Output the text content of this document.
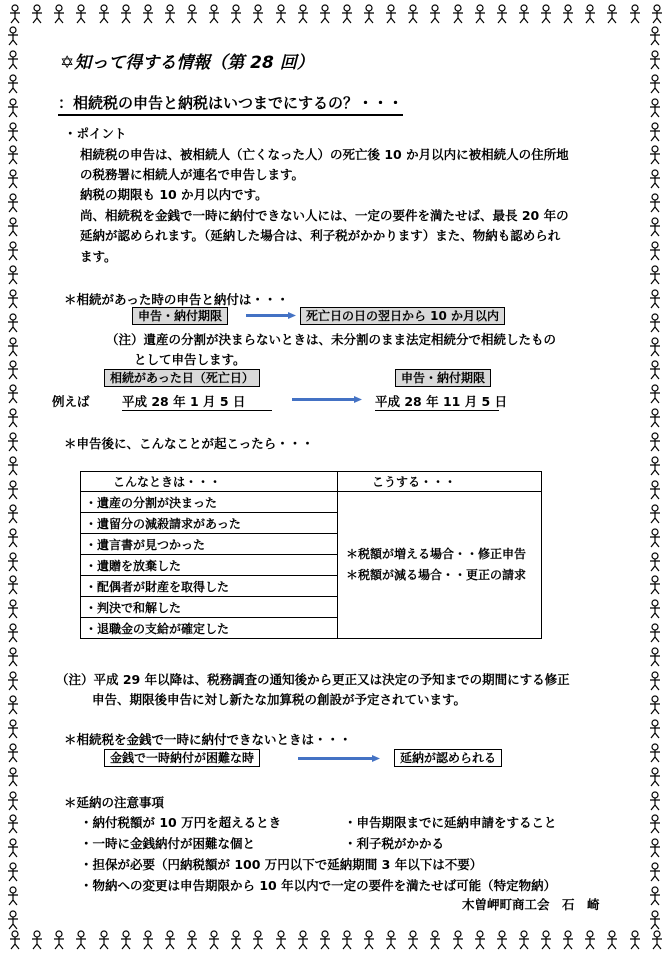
✡知って得する情報（第 28 回）
：相続税の申告と納税はいつまでにするの？・・・
・ポイント
相続税の申告は、被相続人（亡くなった人）の死亡後 10 か月以内に被相続人の住所地
の税務署に相続人が連名で申告します。
納税の期限も 10 か月以内です。
尚、相続税を金銭で一時に納付できない人には、一定の要件を満たせば、最長 20 年の
延納が認められます。（延納した場合は、利子税がかかります）また、物納も認められ
ます。
＊相続があった時の申告と納付は・・・
申告・納付期限	死亡日の日の翌日から 10 か月以内
（注）遺産の分割が決まらないときは、未分割のまま法定相続分で相続したもの
として申告します。
相続があった日（死亡日）	申告・納付期限
例えば	平成 28 年 1 月 5 日	平成 28 年 11 月 5 日
＊申告後に、こんなことが起こったら・・・
こんなときは・・・	こうする・・・
・遺産の分割が決まった	＊税額が増える場合・・修正申告
＊税額が減る場合・・更正の請求

・遺留分の減殺請求があった	
・遺言書が見つかった	
・遺贈を放棄した	
・配偶者が財産を取得した	
・判決で和解した	
・退職金の支給が確定した	
（注）平成 29 年以降は、税務調査の通知後から更正又は決定の予知までの期間にする修正
申告、期限後申告に対し新たな加算税の創設が予定されています。
＊相続税を金銭で一時に納付できないときは・・・
金銭で一時納付が困難な時	延納が認められる
＊延納の注意事項
・納付税額が 10 万円を超えるとき	・申告期限までに延納申請をすること
・一時に金銭納付が困難な個と	・利子税がかかる
・担保が必要（円納税額が 100 万円以下で延納期間 3 年以下は不要）
・物納への変更は申告期限から 10 年以内で一定の要件を満たせば可能（特定物納）
木曽岬町商工会　石　崎
